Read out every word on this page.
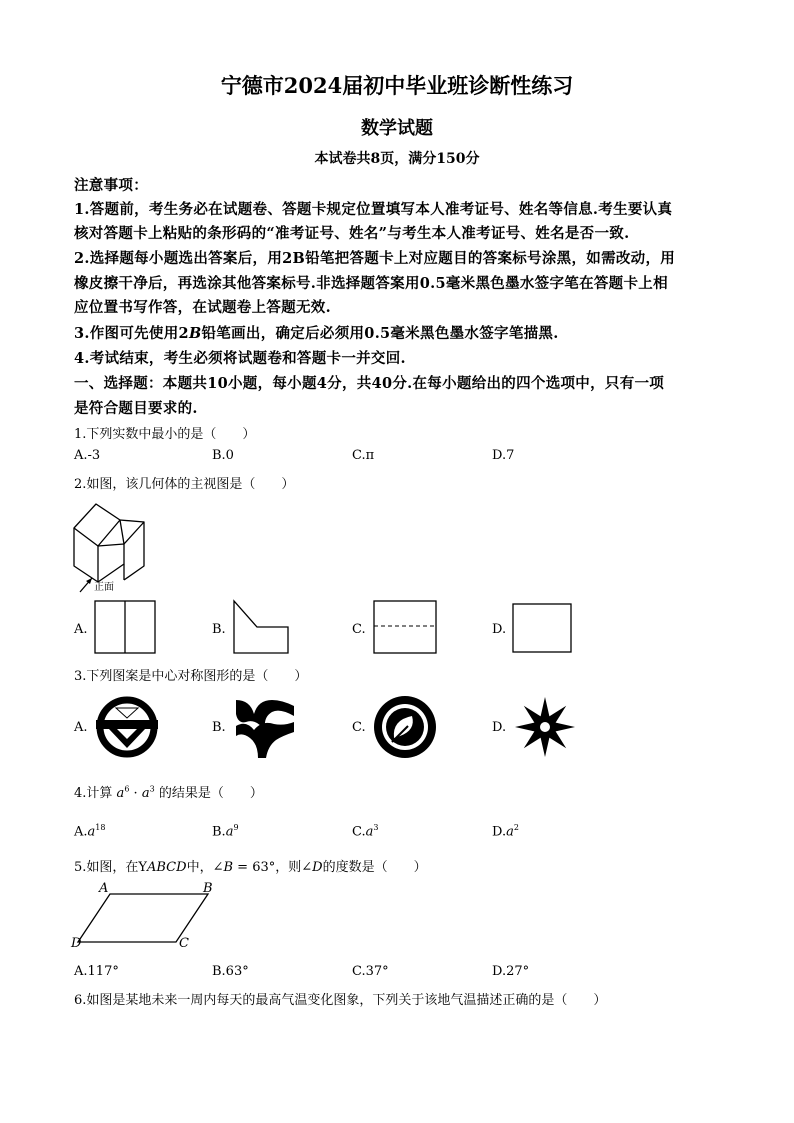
宁德市2024届初中毕业班诊断性练习
数学试题
本试卷共8页，满分150分
注意事项：
1.答题前，考生务必在试题卷、答题卡规定位置填写本人准考证号、姓名等信息.考生要认真
核对答题卡上粘贴的条形码的“准考证号、姓名”与考生本人准考证号、姓名是否一致.
2.选择题每小题选出答案后，用2B铅笔把答题卡上对应题目的答案标号涂黑，如需改动，用
橡皮擦干净后，再选涂其他答案标号.非选择题答案用0.5毫米黑色墨水签字笔在答题卡上相
应位置书写作答，在试题卷上答题无效.
3.作图可先使用2B铅笔画出，确定后必须用0.5毫米黑色墨水签字笔描黑.
4.考试结束，考生必须将试题卷和答题卡一并交回.
一、选择题：本题共10小题，每小题4分，共40分.在每小题给出的四个选项中，只有一项
是符合题目要求的.
1.下列实数中最小的是（　　）
A.-3	B.0	C.π	D.7
2.如图，该几何体的主视图是（　　）
正面
A.	B.	C.	D.
3.下列图案是中心对称图形的是（　　）
A.	B.	C.	D.
4.计算 $a^6 \cdot a^3$ 的结果是（　　）
$A.a^{18}$	$B.a^9$	$C.a^3$	$D.a^2$
5.如图，在YABCD中，∠B = 63°，则∠D的度数是（　　）
A	B
C
D
A.117°	B.63°	C.37°	D.27°
6.如图是某地未来一周内每天的最高气温变化图象，下列关于该地气温描述正确的是（　　）
